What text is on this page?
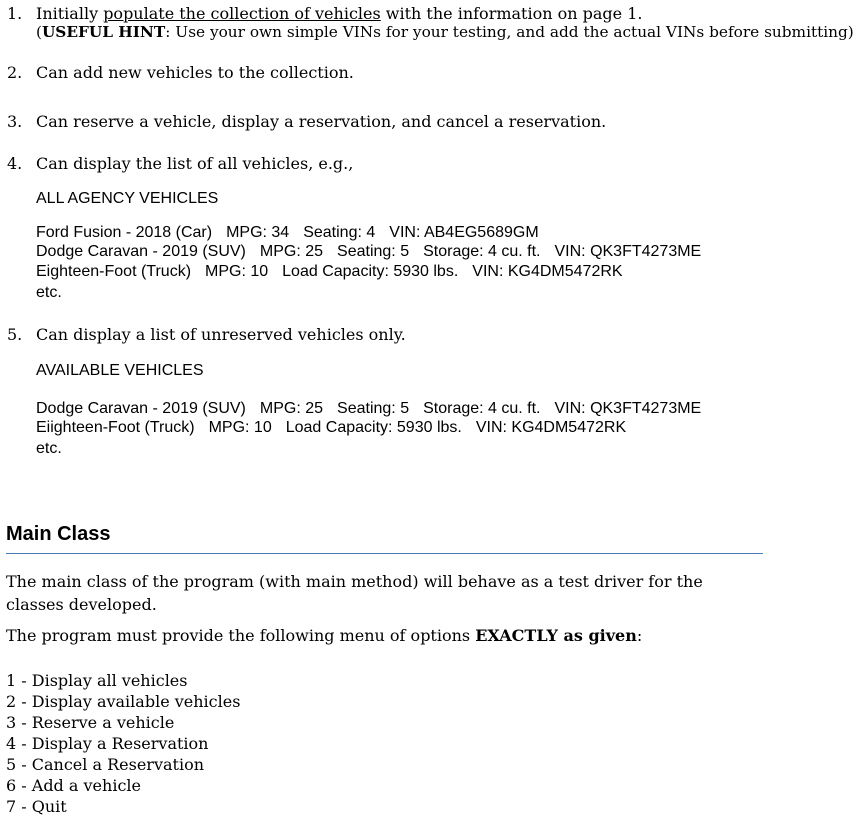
1. Initially populate the collection of vehicles with the information on page 1.
(USEFUL HINT: Use your own simple VINs for your testing, and add the actual VINs before submitting)
2. Can add new vehicles to the collection.
3. Can reserve a vehicle, display a reservation, and cancel a reservation.
4. Can display the list of all vehicles, e.g.,
ALL AGENCY VEHICLES
Ford Fusion - 2018 (Car) MPG: 34 Seating: 4 VIN: AB4EG5689GM
Dodge Caravan - 2019 (SUV) MPG: 25 Seating: 5 Storage: 4 cu. ft. VIN: QK3FT4273ME
Eighteen-Foot (Truck) MPG: 10 Load Capacity: 5930 lbs. VIN: KG4DM5472RK
etc.
5. Can display a list of unreserved vehicles only.
AVAILABLE VEHICLES
Dodge Caravan - 2019 (SUV) MPG: 25 Seating: 5 Storage: 4 cu. ft. VIN: QK3FT4273ME
Eiighteen-Foot (Truck) MPG: 10 Load Capacity: 5930 lbs. VIN: KG4DM5472RK
etc.
Main Class
The main class of the program (with main method) will behave as a test driver for the classes developed.
The program must provide the following menu of options EXACTLY as given:
1 - Display all vehicles
2 - Display available vehicles
3 - Reserve a vehicle
4 - Display a Reservation
5 - Cancel a Reservation
6 - Add a vehicle
7 - Quit
